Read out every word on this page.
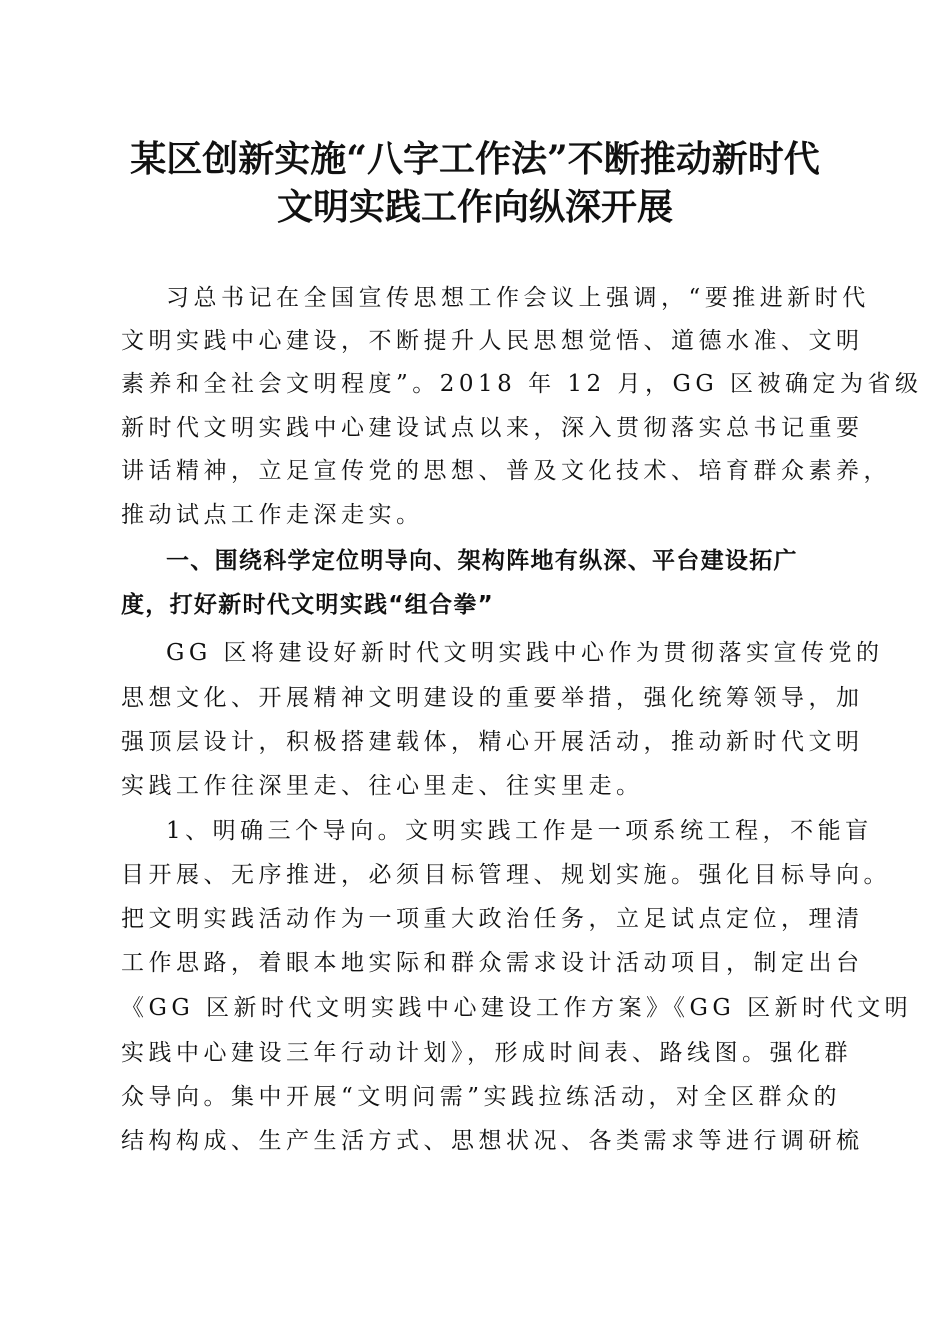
某区创新实施“八字工作法”不断推动新时代
文明实践工作向纵深开展

习总书记在全国宣传思想工作会议上强调，“要推进新时代

文明实践中心建设，不断提升人民思想觉悟、道德水准、文明

素养和全社会文明程度”。2018 年 12 月，GG 区被确定为省级

新时代文明实践中心建设试点以来，深入贯彻落实总书记重要

讲话精神，立足宣传党的思想、普及文化技术、培育群众素养，

推动试点工作走深走实。

一、围绕科学定位明导向、架构阵地有纵深、平台建设拓广

度，打好新时代文明实践“组合拳”

GG 区将建设好新时代文明实践中心作为贯彻落实宣传党的

思想文化、开展精神文明建设的重要举措，强化统筹领导，加

强顶层设计，积极搭建载体，精心开展活动，推动新时代文明

实践工作往深里走、往心里走、往实里走。

1、明确三个导向。文明实践工作是一项系统工程，不能盲

目开展、无序推进，必须目标管理、规划实施。强化目标导向。

把文明实践活动作为一项重大政治任务，立足试点定位，理清

工作思路，着眼本地实际和群众需求设计活动项目，制定出台

《GG 区新时代文明实践中心建设工作方案》《GG 区新时代文明

实践中心建设三年行动计划》，形成时间表、路线图。强化群

众导向。集中开展“文明问需”实践拉练活动，对全区群众的

结构构成、生产生活方式、思想状况、各类需求等进行调研梳
